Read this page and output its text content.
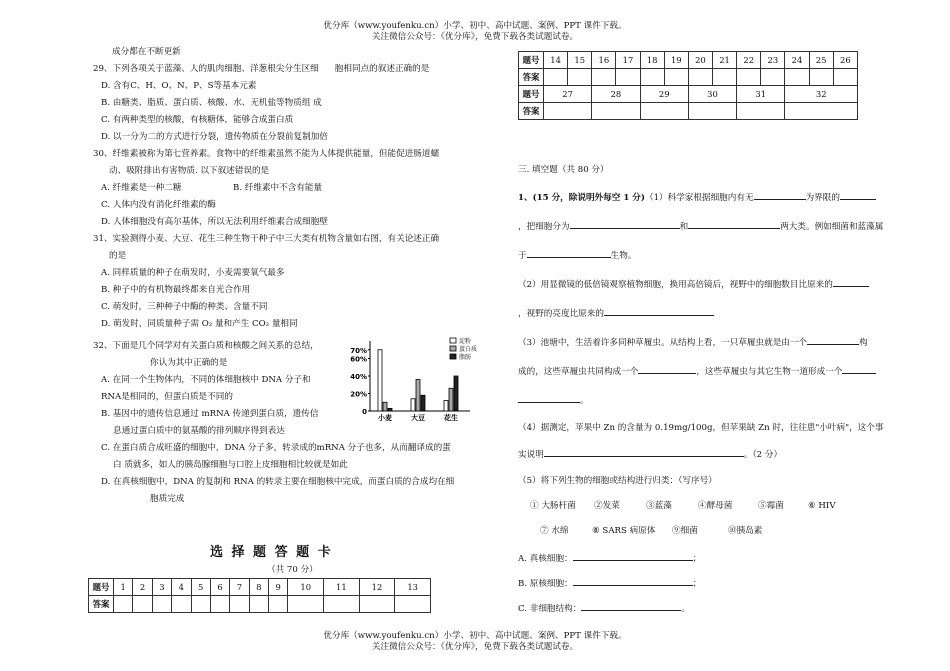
优分库（www.youfenku.cn）小学、初中、高中试题、案例、PPT 课件下载。
关注微信公众号：《优分库》，免费下载各类试题试卷。
优分库（www.youfenku.cn）小学、初中、高中试题、案例、PPT 课件下载。
关注微信公众号：《优分库》，免费下载各类试题试卷。
成分都在不断更新
29、下列各项关于蓝藻、人的肌肉细胞、洋葱根尖分生区细 胞相同点的叙述正确的是
D. 含有C、H、O、N、P、S等基本元素
B. 由糖类、脂质、蛋白质、核酸、水、无机盐等物质组 成
C. 有两种类型的核酸，有核糖体，能够合成蛋白质
D. 以一分为二的方式进行分裂，遗传物质在分裂前复制加倍
30、纤维素被称为第七营养素。食物中的纤维素虽然不能为人体提供能量，但能促进肠道蠕
动、吸附排出有害物质. 以下叙述错误的是
A. 纤维素是一种二糖	B. 纤维素中不含有能量
C. 人体内没有消化纤维素的酶
D. 人体细胞没有高尔基体，所以无法利用纤维素合成细胞壁
31、实验测得小麦、大豆、花生三种生物干种子中三大类有机物含量如右图，有关论述正确
的是
A. 同样质量的种子在萌发时，小麦需要氧气最多
B. 种子中的有机物最终都来自光合作用
C. 萌发时，三种种子中酶的种类、含量不同
D. 萌发时，同质量种子需 O₂ 量和产生 CO₂ 量相同
32、下面是几个同学对有关蛋白质和核酸之间关系的总结，
你认为其中正确的是
A. 在同一个生物体内，不同的体细胞核中 DNA 分子和
RNA是相同的，但蛋白质是不同的
B. 基因中的遗传信息通过 mRNA 传递到蛋白质，遗传信
息通过蛋白质中的氨基酸的排列顺序得到表达
C. 在蛋白质合成旺盛的细胞中，DNA 分子多，转录成的mRNA 分子也多，从而翻译成的蛋
白 质就多，如人的胰岛腺细胞与口腔上皮细胞相比较就是如此
D. 在真核细胞中，DNA 的复制和 RNA 的转录主要在细胞核中完成，而蛋白质的合成均在细
胞质完成
70%
60%
40%
20%
0
小麦	大豆	花生
淀粉
蛋白质
脂肪
选 择 题 答 题 卡
（共 70 分）
题号	1	2	3	4	5	6	7	8	9	10	11	12	13
答案													
题号	14	15	16	17	18	19	20	21	22	23	24	25	26
答案													
题号	27		28		29		30		31		32		
答案													
三. 填空题（共 80 分）
1、(15 分，除说明外每空 1 分)（1）科学家根据细胞内有无	为界限的
，把细胞分为	和	两大类。例如细菌和蓝藻属
于	生物。
（2）用显微镜的低倍镜观察植物细胞，换用高倍镜后，视野中的细胞数目比原来的
，视野的亮度比原来的
（3）池塘中，生活着许多同种草履虫。从结构上看，一只草履虫就是由一个	构
成的，这些草履虫共同构成一个	，这些草履虫与其它生物一道形成一个
。
（4）据测定，苹果中 Zn 的含量为 0.19mg/100g，但苹果缺 Zn 时，往往患"小叶病"，这个事
实说明	。（2 分）
（5）将下列生物的细胞或结构进行归类：（写序号）
① 大肠杆菌 ②发菜	③蓝藻	④酵母菌	⑤霉菌	⑥ HIV
⑦ 水绵	⑧ SARS 病原体 ⑨细菌	⑩胰岛素
A. 真核细胞：	；
B. 原核细胞：	；
C. 非细胞结构：	。
